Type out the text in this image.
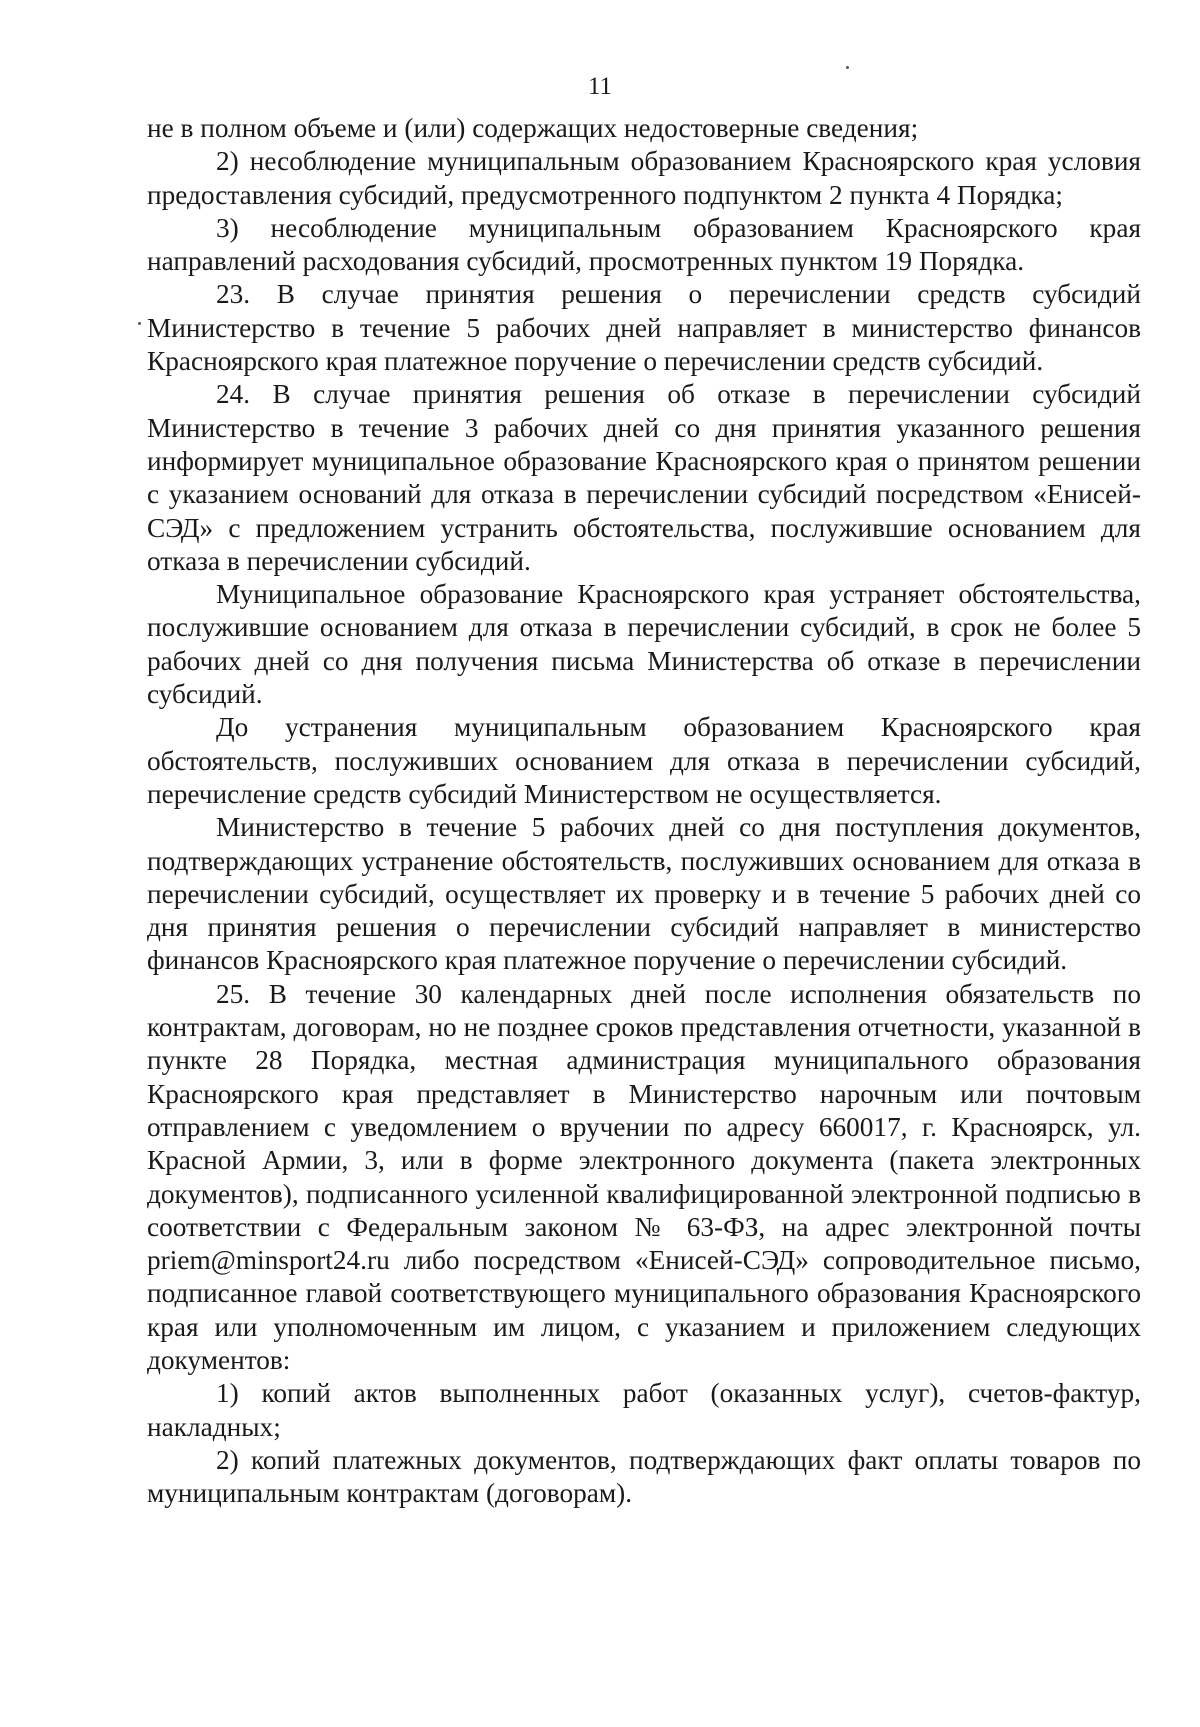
11

не в полном объеме и (или) содержащих недостоверные сведения;

2) несоблюдение муниципальным образованием Красноярского края условия предоставления субсидий, предусмотренного подпунктом 2 пункта 4 Порядка;

3) несоблюдение муниципальным образованием Красноярского края направлений расходования субсидий, просмотренных пунктом 19 Порядка.

23. В случае принятия решения о перечислении средств субсидий Министерство в течение 5 рабочих дней направляет в министерство финансов Красноярского края платежное поручение о перечислении средств субсидий.

24. В случае принятия решения об отказе в перечислении субсидий Министерство в течение 3 рабочих дней со дня принятия указанного решения информирует муниципальное образование Красноярского края о принятом решении с указанием оснований для отказа в перечислении субсидий посредством «Енисей-СЭД» с предложением устранить обстоятельства, послужившие основанием для отказа в перечислении субсидий.

Муниципальное образование Красноярского края устраняет обстоятельства, послужившие основанием для отказа в перечислении субсидий, в срок не более 5 рабочих дней со дня получения письма Министерства об отказе в перечислении субсидий.

До устранения муниципальным образованием Красноярского края обстоятельств, послуживших основанием для отказа в перечислении субсидий, перечисление средств субсидий Министерством не осуществляется.

Министерство в течение 5 рабочих дней со дня поступления документов, подтверждающих устранение обстоятельств, послуживших основанием для отказа в перечислении субсидий, осуществляет их проверку и в течение 5 рабочих дней со дня принятия решения о перечислении субсидий направляет в министерство финансов Красноярского края платежное поручение о перечислении субсидий.

25. В течение 30 календарных дней после исполнения обязательств по контрактам, договорам, но не позднее сроков представления отчетности, указанной в пункте 28 Порядка, местная администрация муниципального образования Красноярского края представляет в Министерство нарочным или почтовым отправлением с уведомлением о вручении по адресу 660017, г. Красноярск, ул. Красной Армии, 3, или в форме электронного документа (пакета электронных документов), подписанного усиленной квалифицированной электронной подписью в соответствии с Федеральным законом № 63-ФЗ, на адрес электронной почты priem@minsport24.ru либо посредством «Енисей-СЭД» сопроводительное письмо, подписанное главой соответствующего муниципального образования Красноярского края или уполномоченным им лицом, с указанием и приложением следующих документов:

1) копий актов выполненных работ (оказанных услуг), счетов-фактур, накладных;

2) копий платежных документов, подтверждающих факт оплаты товаров по муниципальным контрактам (договорам).
